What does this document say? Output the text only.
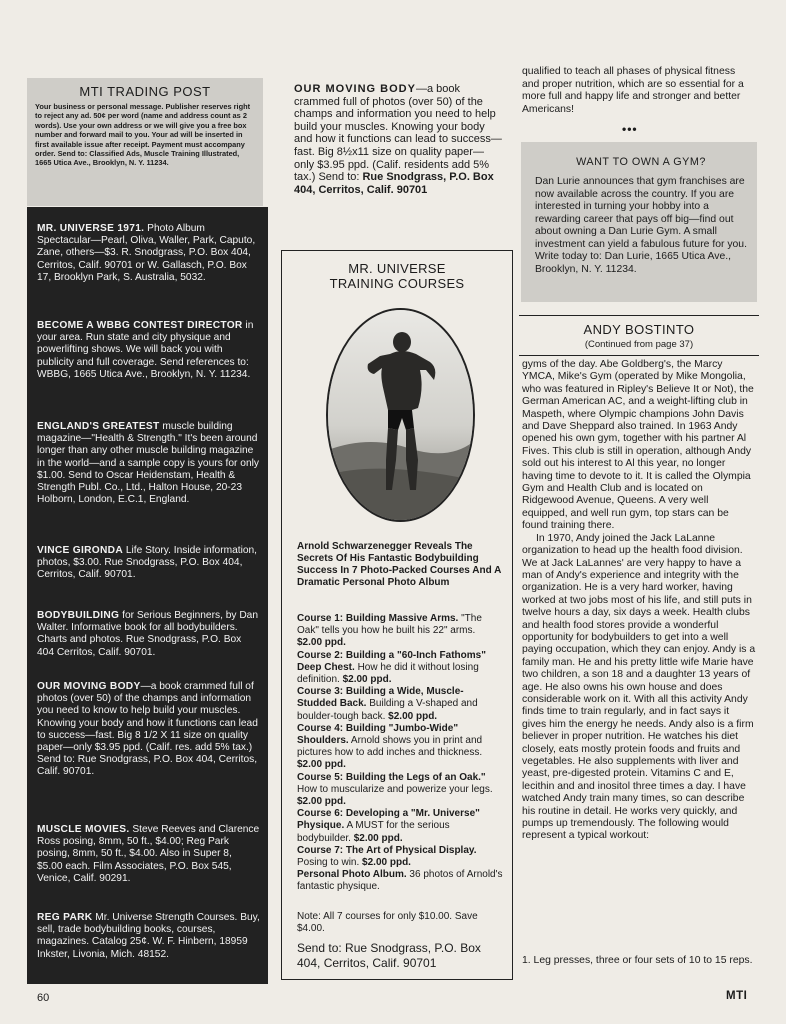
MTI TRADING POST
Your business or personal message. Publisher reserves right to reject any ad. 50¢ per word (name and address count as 2 words). Use your own address or we will give you a free box number and forward mail to you. Your ad will be inserted in first available issue after receipt. Payment must accompany order. Send to: Classified Ads, Muscle Training Illustrated, 1665 Utica Ave., Brooklyn, N. Y. 11234.
MR. UNIVERSE 1971. Photo Album Spectacular—Pearl, Oliva, Waller, Park, Caputo, Zane, others—$3. R. Snodgrass, P.O. Box 404, Cerritos, Calif. 90701 or W. Gallasch, P.O. Box 17, Brooklyn Park, S. Australia, 5032.
BECOME A WBBG CONTEST DIRECTOR in your area. Run state and city physique and powerlifting shows. We will back you with publicity and full coverage. Send references to: WBBG, 1665 Utica Ave., Brooklyn, N. Y. 11234.
ENGLAND'S GREATEST muscle building magazine—"Health & Strength." It's been around longer than any other muscle building magazine in the world—and a sample copy is yours for only $1.00. Send to Oscar Heidenstam, Health & Strength Publ. Co., Ltd., Halton House, 20-23 Holborn, London, E.C.1, England.
VINCE GIRONDA Life Story. Inside information, photos, $3.00. Rue Snodgrass, P.O. Box 404, Cerritos, Calif. 90701.
BODYBUILDING for Serious Beginners, by Dan Walter. Informative book for all bodybuilders. Charts and photos. Rue Snodgrass, P.O. Box 404 Cerritos, Calif. 90701.
OUR MOVING BODY—a book crammed full of photos (over 50) of the champs and information you need to know to help build your muscles. Knowing your body and how it functions can lead to success—fast. Big 8 1/2 X 11 size on quality paper—only $3.95 ppd. (Calif. res. add 5% tax.) Send to: Rue Snodgrass, P.O. Box 404, Cerritos, Calif. 90701.
MUSCLE MOVIES. Steve Reeves and Clarence Ross posing, 8mm, 50 ft., $4.00; Reg Park posing, 8mm, 50 ft., $4.00. Also in Super 8, $5.00 each. Film Associates, P.O. Box 545, Venice, Calif. 90291.
REG PARK Mr. Universe Strength Courses. Buy, sell, trade bodybuilding books, courses, magazines. Catalog 25¢. W. F. Hinbern, 18959 Inkster, Livonia, Mich. 48152.
OUR MOVING BODY—a book crammed full of photos (over 50) of the champs and information you need to help build your muscles. Knowing your body and how it functions can lead to success—fast. Big 8½x11 size on quality paper—only $3.95 ppd. (Calif. residents add 5% tax.) Send to: Rue Snodgrass, P.O. Box 404, Cerritos, Calif. 90701
MR. UNIVERSE
TRAINING COURSES
Arnold Schwarzenegger Reveals The Secrets Of His Fantastic Bodybuilding Success In 7 Photo-Packed Courses And A Dramatic Personal Photo Album
Course 1: Building Massive Arms. "The Oak" tells you how he built his 22" arms. $2.00 ppd.
Course 2: Building a "60-Inch Fathoms" Deep Chest. How he did it without losing definition. $2.00 ppd.
Course 3: Building a Wide, Muscle-Studded Back. Building a V-shaped and boulder-tough back. $2.00 ppd.
Course 4: Building "Jumbo-Wide" Shoulders. Arnold shows you in print and pictures how to add inches and thickness. $2.00 ppd.
Course 5: Building the Legs of an Oak." How to muscularize and powerize your legs. $2.00 ppd.
Course 6: Developing a "Mr. Universe" Physique. A MUST for the serious bodybuilder. $2.00 ppd.
Course 7: The Art of Physical Display. Posing to win. $2.00 ppd.
Personal Photo Album. 36 photos of Arnold's fantastic physique.
Note: All 7 courses for only $10.00. Save $4.00.
Send to: Rue Snodgrass, P.O. Box 404, Cerritos, Calif. 90701
qualified to teach all phases of physical fitness and proper nutrition, which are so essential for a more full and happy life and stronger and better Americans!
•••
WANT TO OWN A GYM?
Dan Lurie announces that gym franchises are now available across the country. If you are interested in turning your hobby into a rewarding career that pays off big—find out about owning a Dan Lurie Gym. A small investment can yield a fabulous future for you. Write today to: Dan Lurie, 1665 Utica Ave., Brooklyn, N. Y. 11234.
ANDY BOSTINTO
(Continued from page 37)

gyms of the day. Abe Goldberg's, the Marcy YMCA, Mike's Gym (operated by Mike Mongolia, who was featured in Ripley's Believe It or Not), the German American AC, and a weight-lifting club in Maspeth, where Olympic champions John Davis and Dave Sheppard also trained. In 1963 Andy opened his own gym, together with his partner Al Fives. This club is still in operation, although Andy sold out his interest to Al this year, no longer having time to devote to it. It is called the Olympia Gym and Health Club and is located on Ridgewood Avenue, Queens. A very well equipped, and well run gym, top stars can be found training there.

In 1970, Andy joined the Jack LaLanne organization to head up the health food division. We at Jack LaLannes' are very happy to have a man of Andy's experience and integrity with the organization. He is a very hard worker, having worked at two jobs most of his life, and still puts in twelve hours a day, six days a week. Health clubs and health food stores provide a wonderful opportunity for bodybuilders to get into a well paying occupation, which they can enjoy. Andy is a family man. He and his pretty little wife Marie have two children, a son 18 and a daughter 13 years of age. He also owns his own house and does considerable work on it. With all this activity Andy finds time to train regularly, and in fact says it gives him the energy he needs. Andy also is a firm believer in proper nutrition. He watches his diet closely, eats mostly protein foods and fruits and vegetables. He also supplements with liver and yeast, pre-digested protein. Vitamins C and E, lecithin and and inositol three times a day. I have watched Andy train many times, so can describe his routine in detail. He works very quickly, and pumps up tremendously. The following would represent a typical workout:

1. Leg presses, three or four sets of 10 to 15 reps.
60	MTI
